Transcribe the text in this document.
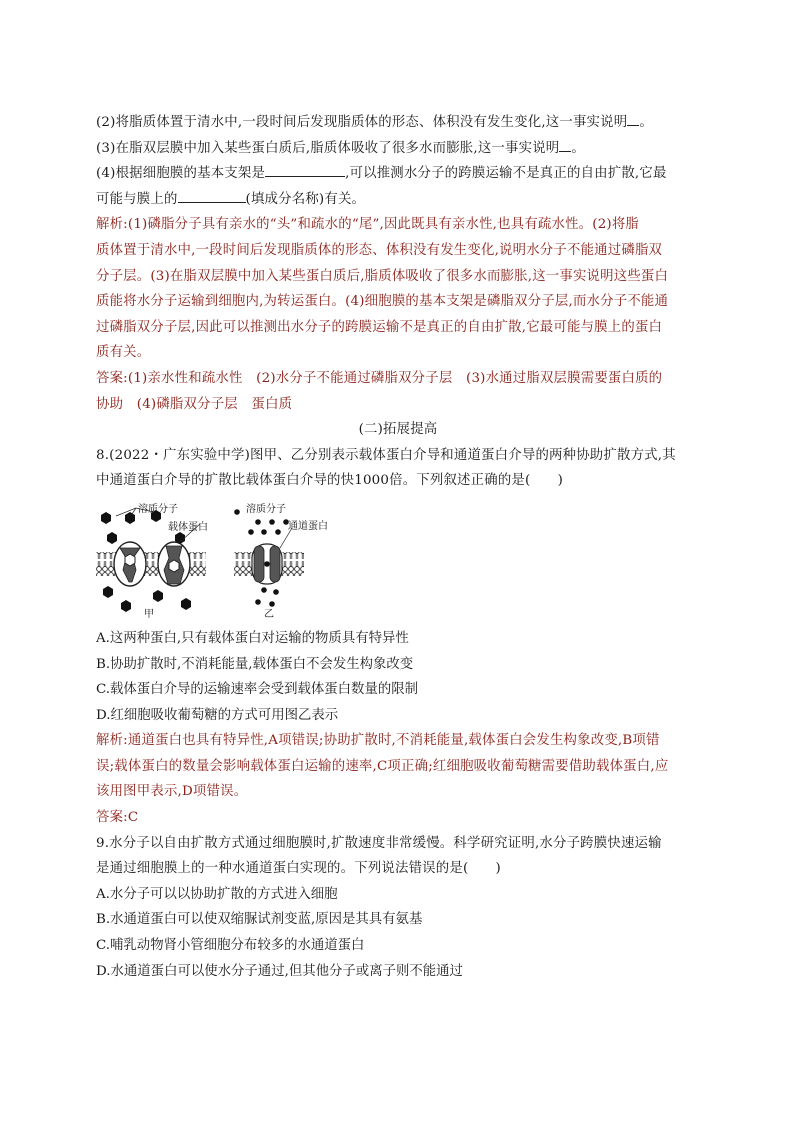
(2)将脂质体置于清水中,一段时间后发现脂质体的形态、体积没有发生变化,这一事实说明 。
(3)在脂双层膜中加入某些蛋白质后,脂质体吸收了很多水而膨胀,这一事实说明 。
(4)根据细胞膜的基本支架是	,可以推测水分子的跨膜运输不是真正的自由扩散,它最
可能与膜上的	(填成分名称)有关。
解析:(1)磷脂分子具有亲水的“头”和疏水的“尾”,因此既具有亲水性,也具有疏水性。(2)将脂
质体置于清水中,一段时间后发现脂质体的形态、体积没有发生变化,说明水分子不能通过磷脂双
分子层。(3)在脂双层膜中加入某些蛋白质后,脂质体吸收了很多水而膨胀,这一事实说明这些蛋白
质能将水分子运输到细胞内,为转运蛋白。(4)细胞膜的基本支架是磷脂双分子层,而水分子不能通
过磷脂双分子层,因此可以推测出水分子的跨膜运输不是真正的自由扩散,它最可能与膜上的蛋白
质有关。
答案:(1)亲水性和疏水性　(2)水分子不能通过磷脂双分子层　(3)水通过脂双层膜需要蛋白质的
协助　(4)磷脂双分子层　蛋白质
(二)拓展提高
8.(2022・广东实验中学)图甲、乙分别表示载体蛋白介导和通道蛋白介导的两种协助扩散方式,其
中通道蛋白介导的扩散比载体蛋白介导的快1000倍。下列叙述正确的是(　　)
溶质分子
载体蛋白
甲
溶质分子
通道蛋白
乙
A.这两种蛋白,只有载体蛋白对运输的物质具有特异性
B.协助扩散时,不消耗能量,载体蛋白不会发生构象改变
C.载体蛋白介导的运输速率会受到载体蛋白数量的限制
D.红细胞吸收葡萄糖的方式可用图乙表示
解析:通道蛋白也具有特异性,A项错误;协助扩散时,不消耗能量,载体蛋白会发生构象改变,B项错
误;载体蛋白的数量会影响载体蛋白运输的速率,C项正确;红细胞吸收葡萄糖需要借助载体蛋白,应
该用图甲表示,D项错误。
答案:C
9.水分子以自由扩散方式通过细胞膜时,扩散速度非常缓慢。科学研究证明,水分子跨膜快速运输
是通过细胞膜上的一种水通道蛋白实现的。下列说法错误的是(　　)
A.水分子可以以协助扩散的方式进入细胞
B.水通道蛋白可以使双缩脲试剂变蓝,原因是其具有氨基
C.哺乳动物肾小管细胞分布较多的水通道蛋白
D.水通道蛋白可以使水分子通过,但其他分子或离子则不能通过
